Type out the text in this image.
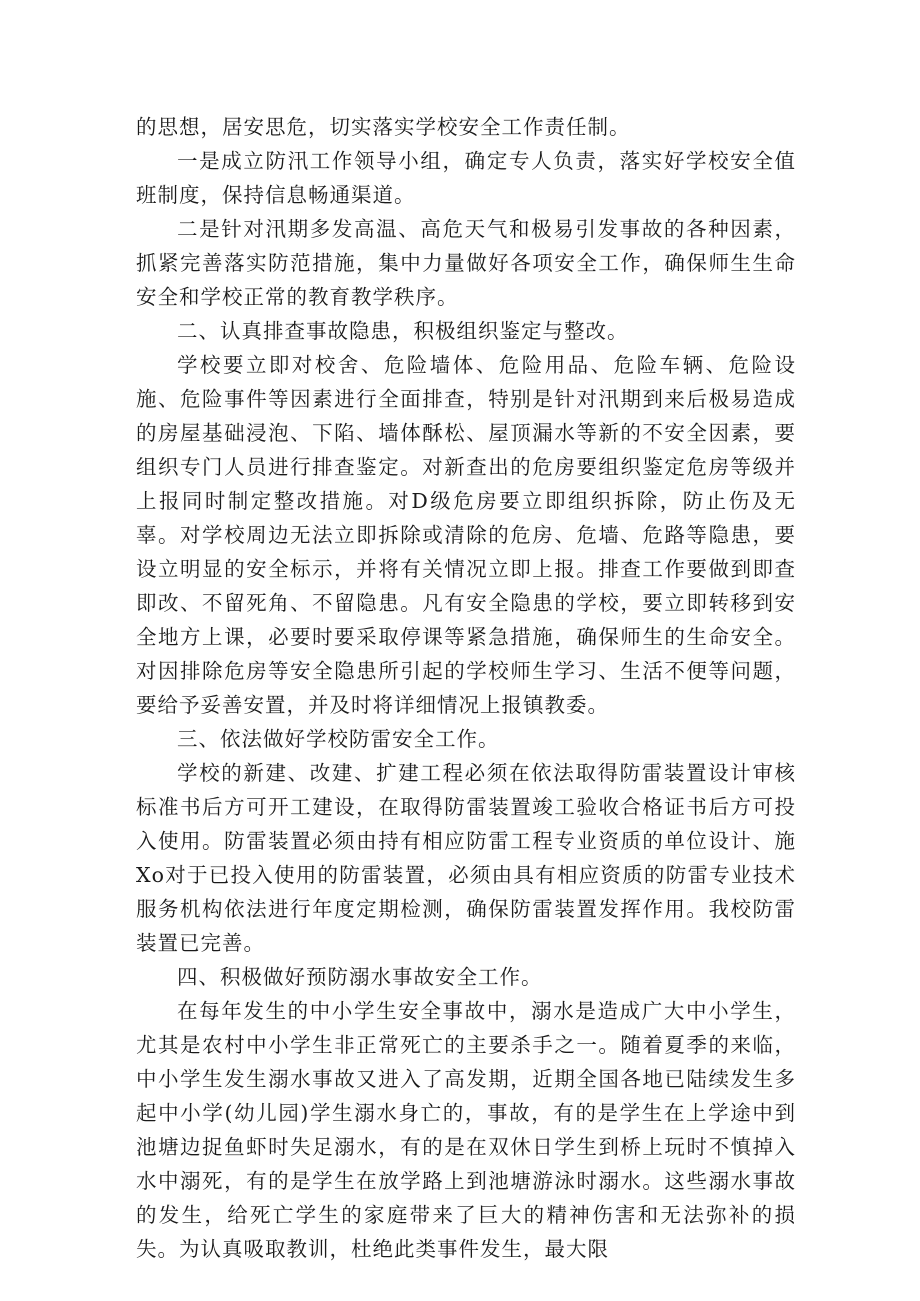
的思想，居安思危，切实落实学校安全工作责任制。

一是成立防汛工作领导小组，确定专人负责，落实好学校安全值班制度，保持信息畅通渠道。

二是针对汛期多发高温、高危天气和极易引发事故的各种因素，抓紧完善落实防范措施，集中力量做好各项安全工作，确保师生生命安全和学校正常的教育教学秩序。

二、认真排查事故隐患，积极组织鉴定与整改。

学校要立即对校舍、危险墙体、危险用品、危险车辆、危险设施、危险事件等因素进行全面排查，特别是针对汛期到来后极易造成的房屋基础浸泡、下陷、墙体酥松、屋顶漏水等新的不安全因素，要组织专门人员进行排查鉴定。对新查出的危房要组织鉴定危房等级并上报同时制定整改措施。对D级危房要立即组织拆除，防止伤及无辜。对学校周边无法立即拆除或清除的危房、危墙、危路等隐患，要设立明显的安全标示，并将有关情况立即上报。排查工作要做到即查即改、不留死角、不留隐患。凡有安全隐患的学校，要立即转移到安全地方上课，必要时要采取停课等紧急措施，确保师生的生命安全。对因排除危房等安全隐患所引起的学校师生学习、生活不便等问题，要给予妥善安置，并及时将详细情况上报镇教委。

三、依法做好学校防雷安全工作。

学校的新建、改建、扩建工程必须在依法取得防雷装置设计审核标准书后方可开工建设，在取得防雷装置竣工验收合格证书后方可投入使用。防雷装置必须由持有相应防雷工程专业资质的单位设计、施Xo对于已投入使用的防雷装置，必须由具有相应资质的防雷专业技术服务机构依法进行年度定期检测，确保防雷装置发挥作用。我校防雷装置已完善。

四、积极做好预防溺水事故安全工作。

在每年发生的中小学生安全事故中，溺水是造成广大中小学生，尤其是农村中小学生非正常死亡的主要杀手之一。随着夏季的来临，中小学生发生溺水事故又进入了高发期，近期全国各地已陆续发生多起中小学(幼儿园)学生溺水身亡的，事故，有的是学生在上学途中到池塘边捉鱼虾时失足溺水，有的是在双休日学生到桥上玩时不慎掉入水中溺死，有的是学生在放学路上到池塘游泳时溺水。这些溺水事故的发生，给死亡学生的家庭带来了巨大的精神伤害和无法弥补的损失。为认真吸取教训，杜绝此类事件发生，最大限
